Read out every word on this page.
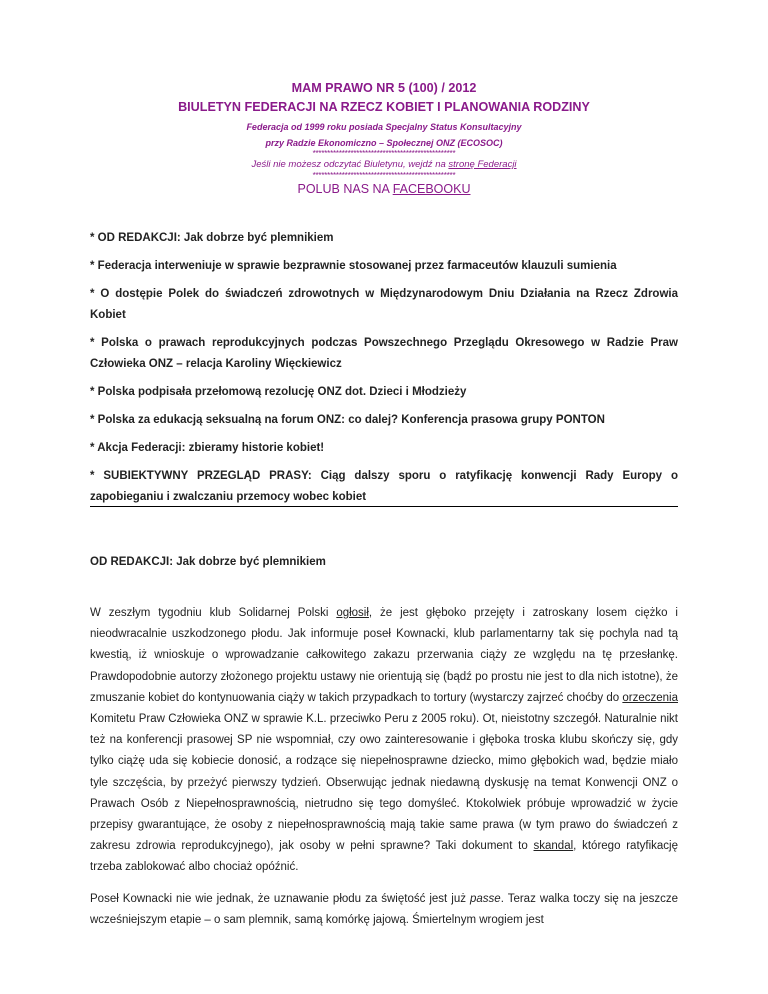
MAM PRAWO NR 5 (100) / 2012
BIULETYN FEDERACJI NA RZECZ KOBIET I PLANOWANIA RODZINY
Federacja od 1999 roku posiada Specjalny Status Konsultacyjny
przy Radzie Ekonomiczno – Społecznej ONZ (ECOSOC)
*************************************************
Jeśli nie możesz odczytać Biuletynu, wejdź na stronę Federacji
*************************************************
POLUB NAS NA FACEBOOKU
* OD REDAKCJI: Jak dobrze być plemnikiem
* Federacja interweniuje w sprawie bezprawnie stosowanej przez farmaceutów klauzuli sumienia
* O dostępie Polek do świadczeń zdrowotnych w Międzynarodowym Dniu Działania na Rzecz Zdrowia Kobiet
* Polska o prawach reprodukcyjnych podczas Powszechnego Przeglądu Okresowego w Radzie Praw Człowieka ONZ – relacja Karoliny Więckiewicz
* Polska podpisała przełomową rezolucję ONZ dot. Dzieci i Młodzieży
* Polska za edukacją seksualną na forum ONZ: co dalej? Konferencja prasowa grupy PONTON
* Akcja Federacji: zbieramy historie kobiet!
* SUBIEKTYWNY PRZEGLĄD PRASY: Ciąg dalszy sporu o ratyfikację konwencji Rady Europy o zapobieganiu i zwalczaniu przemocy wobec kobiet
OD REDAKCJI: Jak dobrze być plemnikiem

W zeszłym tygodniu klub Solidarnej Polski ogłosił, że jest głęboko przejęty i zatroskany losem ciężko i nieodwracalnie uszkodzonego płodu. Jak informuje poseł Kownacki, klub parlamentarny tak się pochyla nad tą kwestią, iż wnioskuje o wprowadzanie całkowitego zakazu przerwania ciąży ze względu na tę przesłankę. Prawdopodobnie autorzy złożonego projektu ustawy nie orientują się (bądź po prostu nie jest to dla nich istotne), że zmuszanie kobiet do kontynuowania ciąży w takich przypadkach to tortury (wystarczy zajrzeć choćby do orzeczenia Komitetu Praw Człowieka ONZ w sprawie K.L. przeciwko Peru z 2005 roku). Ot, nieistotny szczegół. Naturalnie nikt też na konferencji prasowej SP nie wspomniał, czy owo zainteresowanie i głęboka troska klubu skończy się, gdy tylko ciążę uda się kobiecie donosić, a rodzące się niepełnosprawne dziecko, mimo głębokich wad, będzie miało tyle szczęścia, by przeżyć pierwszy tydzień. Obserwując jednak niedawną dyskusję na temat Konwencji ONZ o Prawach Osób z Niepełnosprawnością, nietrudno się tego domyśleć. Ktokolwiek próbuje wprowadzić w życie przepisy gwarantujące, że osoby z niepełnosprawnością mają takie same prawa (w tym prawo do świadczeń z zakresu zdrowia reprodukcyjnego), jak osoby w pełni sprawne? Taki dokument to skandal, którego ratyfikację trzeba zablokować albo chociaż opóźnić.

Poseł Kownacki nie wie jednak, że uznawanie płodu za świętość jest już passe. Teraz walka toczy się na jeszcze wcześniejszym etapie – o sam plemnik, samą komórkę jajową. Śmiertelnym wrogiem jest
